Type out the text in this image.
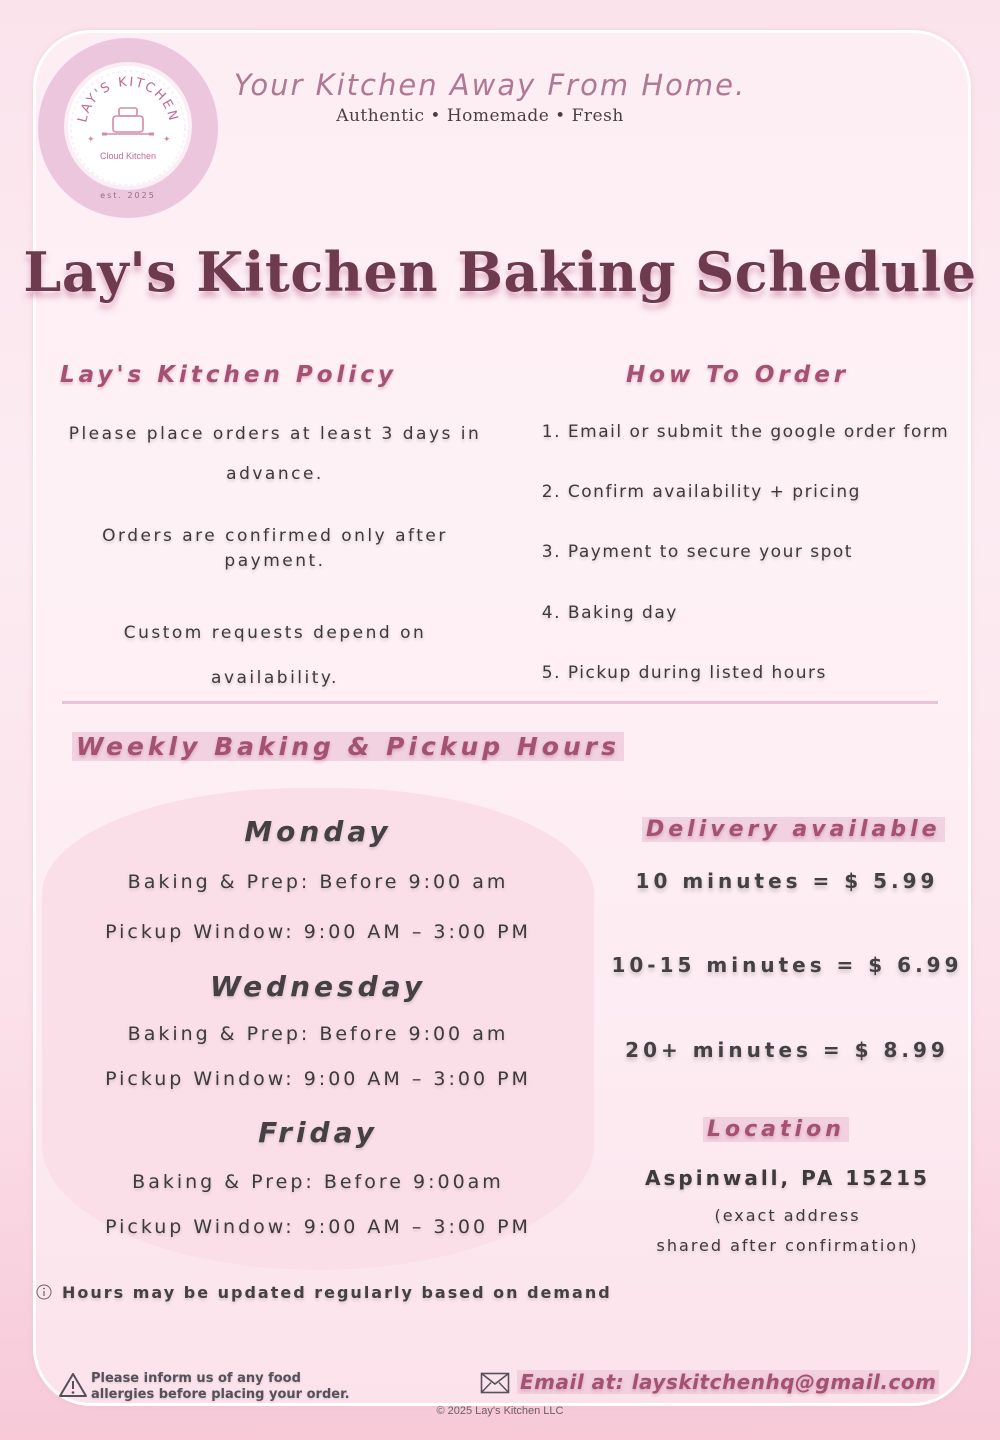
LAY'S KITCHEN
✦	✦
Cloud Kitchen
est. 2025
Your Kitchen Away From Home.
Authentic • Homemade • Fresh
Lay's Kitchen Baking Schedule
Lay's Kitchen Policy

Please place orders at least 3 days in

advance.

Orders are confirmed only after

payment.

Custom requests depend on

availability.

How To Order
1. Email or submit the google order form
2. Confirm availability + pricing
3. Payment to secure your spot
4. Baking day
5. Pickup during listed hours
Weekly Baking & Pickup Hours
Monday
Baking & Prep: Before 9:00 am
Pickup Window: 9:00 AM – 3:00 PM
Wednesday
Baking & Prep: Before 9:00 am
Pickup Window: 9:00 AM – 3:00 PM
Friday
Baking & Prep: Before 9:00am
Pickup Window: 9:00 AM – 3:00 PM
Delivery available
10 minutes = $ 5.99
10-15 minutes = $ 6.99
20+ minutes = $ 8.99
Location
Aspinwall, PA 15215
(exact address
shared after confirmation)
Hours may be updated regularly based on demand
Please inform us of any food
allergies before placing your order.
Email at: layskitchenhq@gmail.com
© 2025 Lay's Kitchen LLC
